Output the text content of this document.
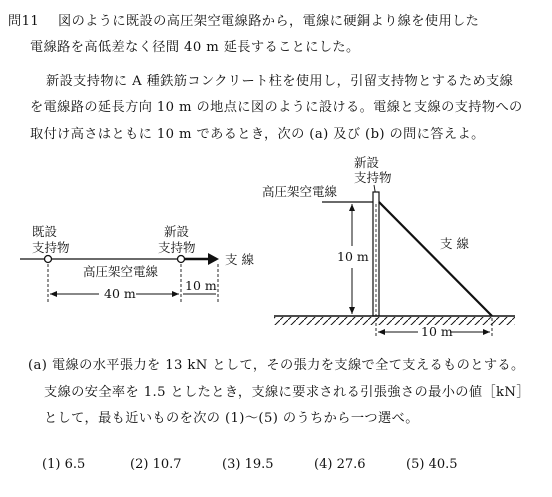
問11 図のように既設の高圧架空電線路から，電線に硬銅より線を使用した
電線路を高低差なく径間 40 m 延長することにした。
新設支持物に A 種鉄筋コンクリート柱を使用し，引留支持物とするため支線
を電線路の延長方向 10 m の地点に図のように設ける。電線と支線の支持物への
取付け高さはともに 10 m であるとき，次の (a) 及び (b) の問に答えよ。
既設
支持物
新設
支持物
支 線
高圧架空電線
40 m
10 m
新設
支持物
高圧架空電線
支 線
10 m
10 m
(a) 電線の水平張力を 13 kN として，その張力を支線で全て支えるものとする。
支線の安全率を 1.5 としたとき，支線に要求される引張強さの最小の値［kN］
として，最も近いものを次の (1)～(5) のうちから一つ選べ。
(1) 6.5	(2) 10.7	(3) 19.5	(4) 27.6	(5) 40.5
